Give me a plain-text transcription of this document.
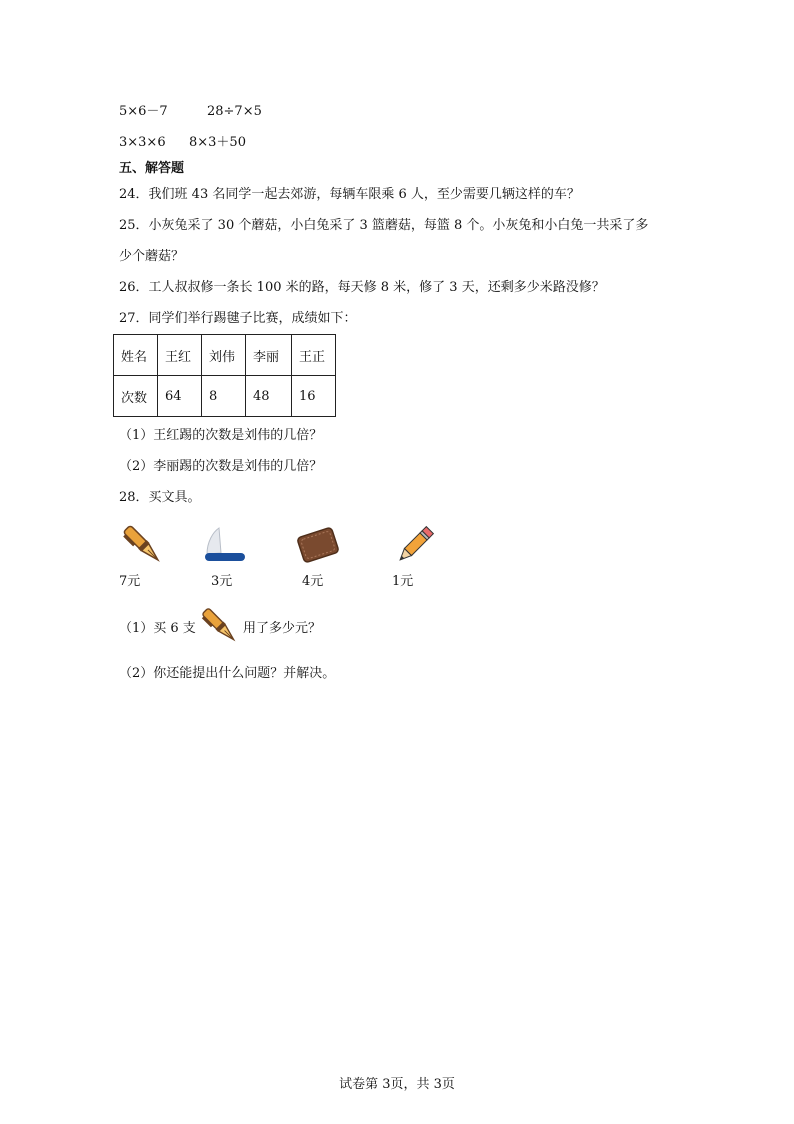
5×6－7	28÷7×5
3×3×6 8×3＋50
五、解答题
24．我们班 43 名同学一起去郊游，每辆车限乘 6 人，至少需要几辆这样的车？
25．小灰兔采了 30 个蘑菇，小白兔采了 3 篮蘑菇，每篮 8 个。小灰兔和小白兔一共采了多
少个蘑菇？
26．工人叔叔修一条长 100 米的路，每天修 8 米，修了 3 天，还剩多少米路没修？
27．同学们举行踢毽子比赛，成绩如下：
姓名	王红	刘伟	李丽	王正
次数	64	8	48	16
（1）王红踢的次数是刘伟的几倍？
（2）李丽踢的次数是刘伟的几倍？
28．买文具。
7元	3元	4元	1元
（1）买 6 支	用了多少元？
（2）你还能提出什么问题？并解决。
试卷第 3页，共 3页
